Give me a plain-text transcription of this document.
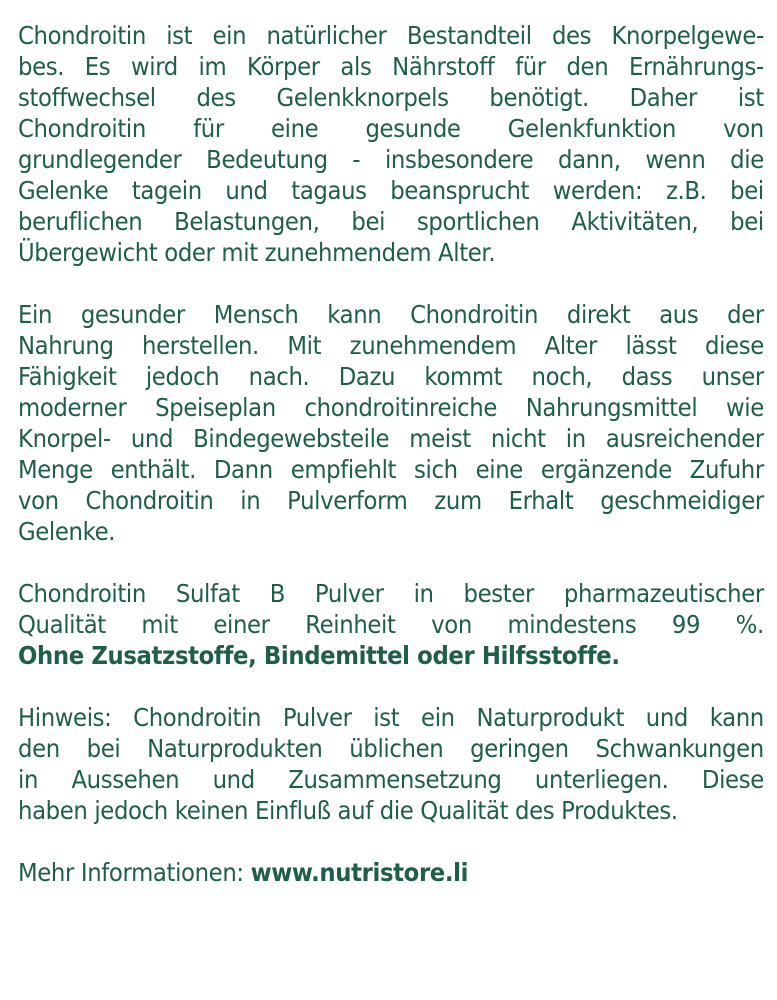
Chondroitin ist ein natürlicher Bestandteil des Knorpelgewe-
bes. Es wird im Körper als Nährstoff für den Ernährungs-
stoffwechsel des Gelenkknorpels benötigt. Daher ist
Chondroitin für eine gesunde Gelenkfunktion von
grundlegender Bedeutung - insbesondere dann, wenn die
Gelenke tagein und tagaus beansprucht werden: z.B. bei
beruflichen Belastungen, bei sportlichen Aktivitäten, bei
Übergewicht oder mit zunehmendem Alter.

Ein gesunder Mensch kann Chondroitin direkt aus der
Nahrung herstellen. Mit zunehmendem Alter lässt diese
Fähigkeit jedoch nach. Dazu kommt noch, dass unser
moderner Speiseplan chondroitinreiche Nahrungsmittel wie
Knorpel- und Bindegewebsteile meist nicht in ausreichender
Menge enthält. Dann empfiehlt sich eine ergänzende Zufuhr
von Chondroitin in Pulverform zum Erhalt geschmeidiger
Gelenke.

Chondroitin Sulfat B Pulver in bester pharmazeutischer
Qualität mit einer Reinheit von mindestens 99 %.
Ohne Zusatzstoffe, Bindemittel oder Hilfsstoffe.

Hinweis: Chondroitin Pulver ist ein Naturprodukt und kann
den bei Naturprodukten üblichen geringen Schwankungen
in Aussehen und Zusammensetzung unterliegen. Diese
haben jedoch keinen Einfluß auf die Qualität des Produktes.

Mehr Informationen: www.nutristore.li
